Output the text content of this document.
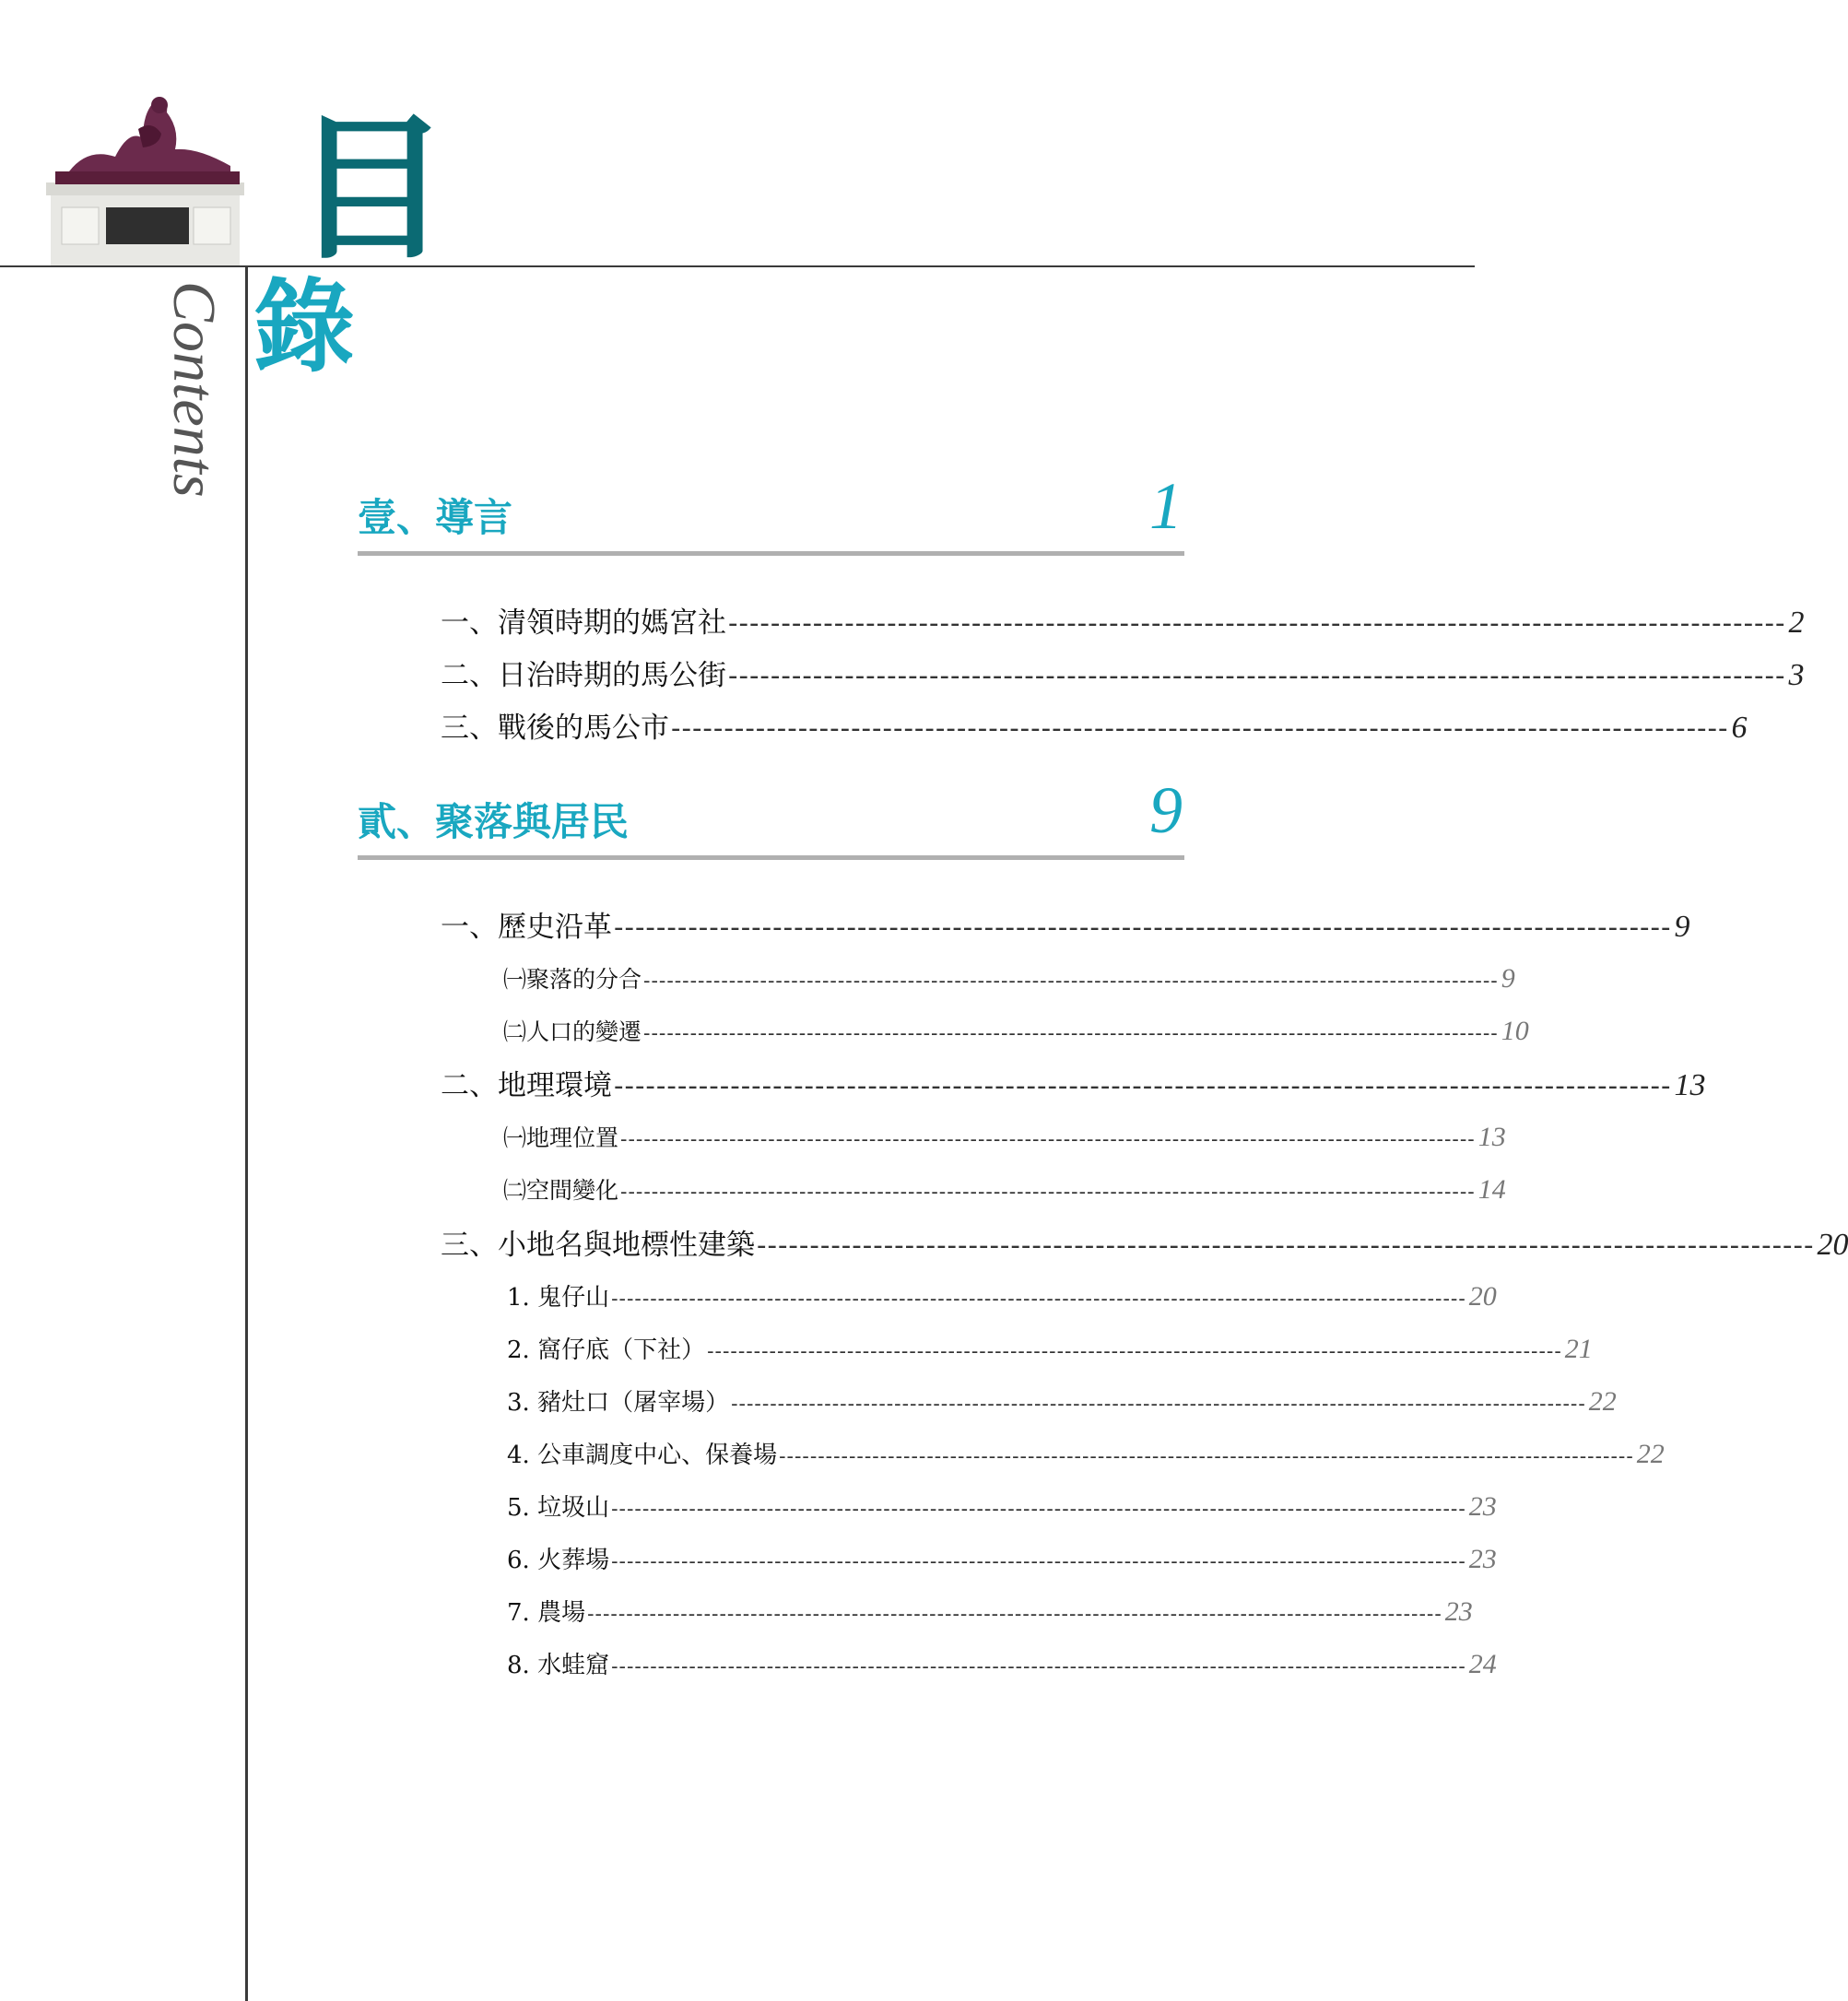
目
錄
Contents
壹、導言	1
一、清領時期的媽宮社 ---------------------------------------------------------------------------------------------------- 2
二、日治時期的馬公街 ---------------------------------------------------------------------------------------------------- 3
三、戰後的馬公市 ---------------------------------------------------------------------------------------------------- 6
貳、聚落與居民	9
一、歷史沿革 ---------------------------------------------------------------------------------------------------- 9
㈠聚落的分合 -------------------------------------------------------------------------------------------------------------- 9
㈡人口的變遷 -------------------------------------------------------------------------------------------------------------- 10
二、地理環境 ---------------------------------------------------------------------------------------------------- 13
㈠地理位置 -------------------------------------------------------------------------------------------------------------- 13
㈡空間變化 -------------------------------------------------------------------------------------------------------------- 14
三、小地名與地標性建築 ---------------------------------------------------------------------------------------------------- 20
1. 鬼仔山 -------------------------------------------------------------------------------------------------------------- 20
2. 窩仔底（下社） -------------------------------------------------------------------------------------------------------------- 21
3. 豬灶口（屠宰場） -------------------------------------------------------------------------------------------------------------- 22
4. 公車調度中心、保養場 -------------------------------------------------------------------------------------------------------------- 22
5. 垃圾山 -------------------------------------------------------------------------------------------------------------- 23
6. 火葬場 -------------------------------------------------------------------------------------------------------------- 23
7. 農場 -------------------------------------------------------------------------------------------------------------- 23
8. 水蛙窟 -------------------------------------------------------------------------------------------------------------- 24
